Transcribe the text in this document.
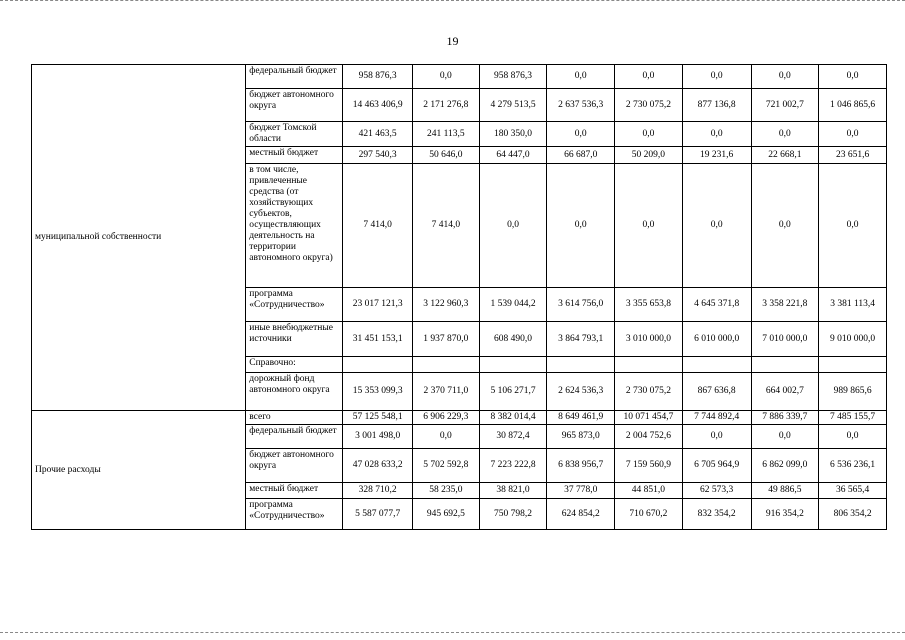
19
муниципальной собственности	федеральный бюджет	958 876,3	0,0	958 876,3	0,0	0,0	0,0	0,0	0,0
	бюджет автономного округа	14 463 406,9	2 171 276,8	4 279 513,5	2 637 536,3	2 730 075,2	877 136,8	721 002,7	1 046 865,6
	бюджет Томской области	421 463,5	241 113,5	180 350,0	0,0	0,0	0,0	0,0	0,0
	местный бюджет	297 540,3	50 646,0	64 447,0	66 687,0	50 209,0	19 231,6	22 668,1	23 651,6
	в том числе, привлеченные средства (от хозяйствующих субъектов, осуществляющих деятельность на территории автономного округа)	7 414,0	7 414,0	0,0	0,0	0,0	0,0	0,0	0,0
	программа «Сотрудничество»	23 017 121,3	3 122 960,3	1 539 044,2	3 614 756,0	3 355 653,8	4 645 371,8	3 358 221,8	3 381 113,4
	иные внебюджетные источники	31 451 153,1	1 937 870,0	608 490,0	3 864 793,1	3 010 000,0	6 010 000,0	7 010 000,0	9 010 000,0
	Справочно:								
	дорожный фонд автономного округа	15 353 099,3	2 370 711,0	5 106 271,7	2 624 536,3	2 730 075,2	867 636,8	664 002,7	989 865,6
Прочие расходы	всего	57 125 548,1	6 906 229,3	8 382 014,4	8 649 461,9	10 071 454,7	7 744 892,4	7 886 339,7	7 485 155,7
	федеральный бюджет	3 001 498,0	0,0	30 872,4	965 873,0	2 004 752,6	0,0	0,0	0,0
	бюджет автономного округа	47 028 633,2	5 702 592,8	7 223 222,8	6 838 956,7	7 159 560,9	6 705 964,9	6 862 099,0	6 536 236,1
	местный бюджет	328 710,2	58 235,0	38 821,0	37 778,0	44 851,0	62 573,3	49 886,5	36 565,4
	программа «Сотрудничество»	5 587 077,7	945 692,5	750 798,2	624 854,2	710 670,2	832 354,2	916 354,2	806 354,2
